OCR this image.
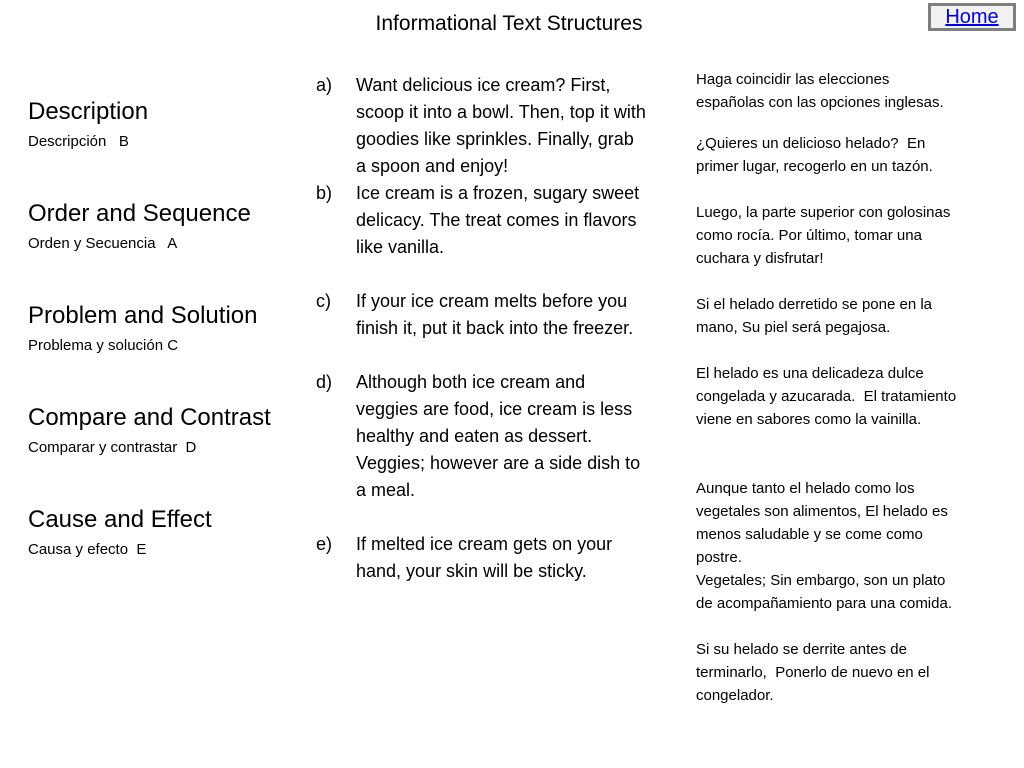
Informational Text Structures	Home
Description
Descripción   B
Order and Sequence
Orden y Secuencia   A
Problem and Solution
Problema y solución C
Compare and Contrast
Comparar y contrastar  D
Cause and Effect
Causa y efecto  E
a)	Want delicious ice cream? First, scoop it into a bowl. Then, top it with goodies like sprinkles. Finally, grab a spoon and enjoy!
b)	Ice cream is a frozen, sugary sweet delicacy. The treat comes in flavors like vanilla.
c)	If your ice cream melts before you finish it, put it back into the freezer.
d)	Although both ice cream and veggies are food, ice cream is less healthy and eaten as dessert. Veggies; however are a side dish to a meal.
e)	If melted ice cream gets on your hand, your skin will be sticky.
Haga coincidir las elecciones
españolas con las opciones inglesas.
¿Quieres un delicioso helado?  En
primer lugar, recogerlo en un tazón.
Luego, la parte superior con golosinas
como rocía. Por último, tomar una
cuchara y disfrutar!
Si el helado derretido se pone en la
mano, Su piel será pegajosa.
El helado es una delicadeza dulce
congelada y azucarada.  El tratamiento
viene en sabores como la vainilla.
Aunque tanto el helado como los
vegetales son alimentos, El helado es
menos saludable y se come como
postre.
Vegetales; Sin embargo, son un plato
de acompañamiento para una comida.
Si su helado se derrite antes de
terminarlo,  Ponerlo de nuevo en el
congelador.
